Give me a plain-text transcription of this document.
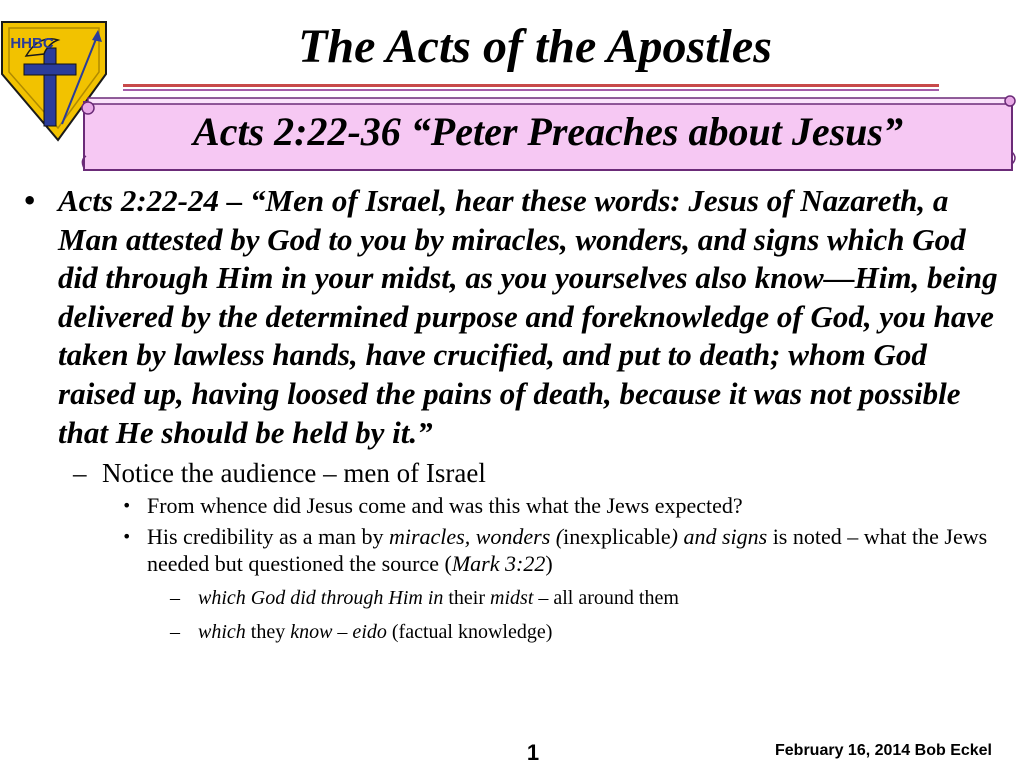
HHBC	The Acts of the Apostles
Acts 2:22-36 “Peter Preaches about Jesus”

• Acts 2:22-24 – “Men of Israel, hear these words: Jesus of Nazareth, a Man attested by God to you by miracles, wonders, and signs which God did through Him in your midst, as you yourselves also know—Him, being delivered by the determined purpose and foreknowledge of God, you have taken by lawless hands, have crucified, and put to death; whom God raised up, having loosed the pains of death, because it was not possible that He should be held by it.”

– Notice the audience – men of Israel

• From whence did Jesus come and was this what the Jews expected?

• His credibility as a man by miracles, wonders (inexplicable) and signs is noted – what the Jews needed but questioned the source (Mark 3:22)

– which God did through Him in their midst – all around them

– which they know – eido (factual knowledge)

1	February 16, 2014 Bob Eckel
